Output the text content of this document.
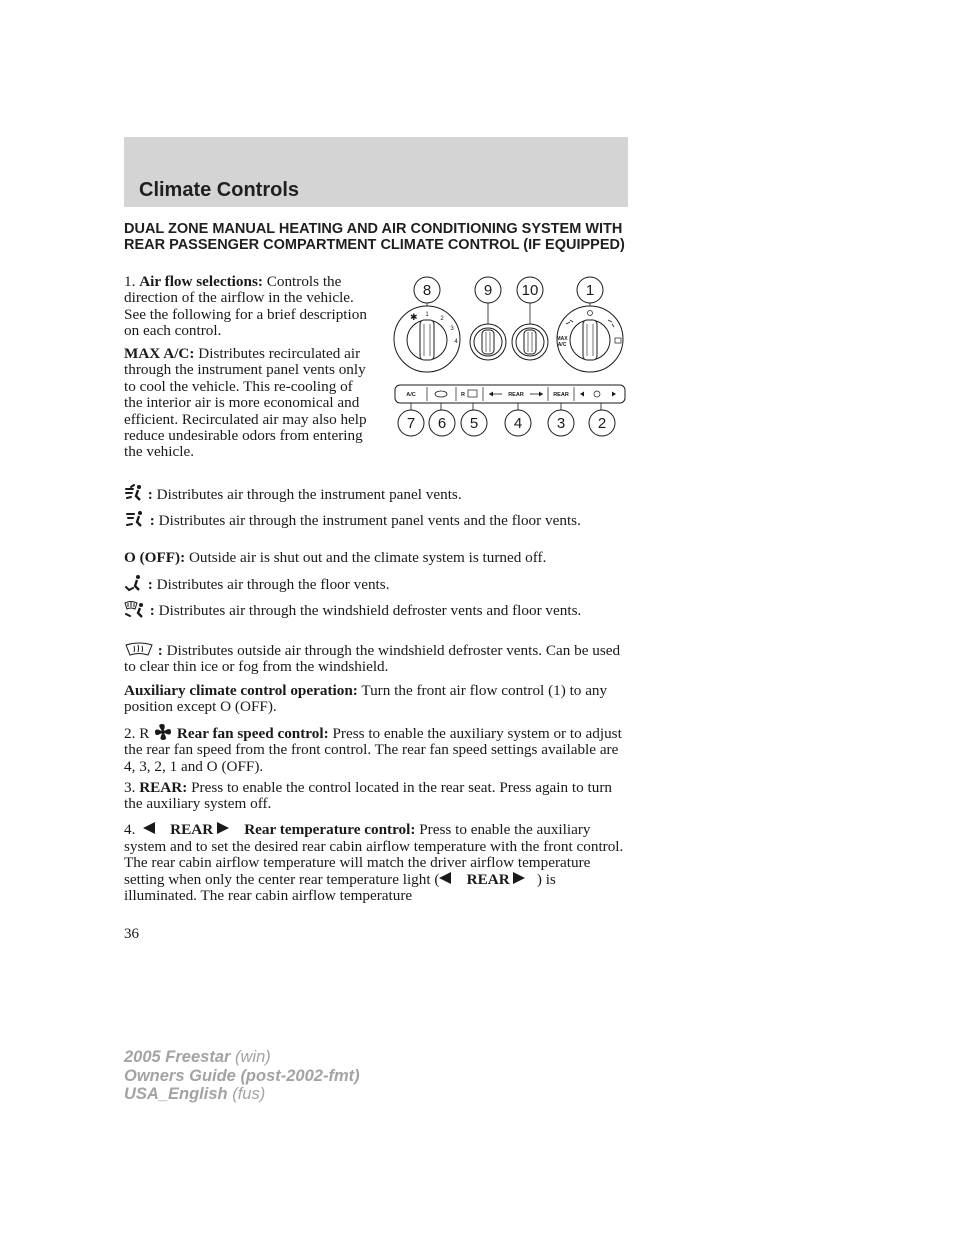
Climate Controls
DUAL ZONE MANUAL HEATING AND AIR CONDITIONING SYSTEM WITH REAR PASSENGER COMPARTMENT CLIMATE CONTROL (IF EQUIPPED)
1. Air flow selections: Controls the direction of the airflow in the vehicle. See the following for a brief description on each control.
MAX A/C: Distributes recirculated air through the instrument panel vents only to cool the vehicle. This re-cooling of the interior air is more economical and efficient. Recirculated air may also help reduce undesirable odors from entering the vehicle.
8	9 10	1
1
2
3
4
✱
MAX
A/C
A/C	REAR	REAR
R
7 6 5 4 3 2
: Distributes air through the instrument panel vents.
: Distributes air through the instrument panel vents and the floor vents.
O (OFF): Outside air is shut out and the climate system is turned off.
: Distributes air through the floor vents.
: Distributes air through the windshield defroster vents and floor vents.
: Distributes outside air through the windshield defroster vents. Can be used to clear thin ice or fog from the windshield.
Auxiliary climate control operation: Turn the front air flow control (1) to any position except O (OFF).
2. R Rear fan speed control: Press to enable the auxiliary system or to adjust the rear fan speed from the front control. The rear fan speed settings available are 4, 3, 2, 1 and O (OFF).
3. REAR: Press to enable the control located in the rear seat. Press again to turn the auxiliary system off.
4. REAR Rear temperature control: Press to enable the auxiliary system and to set the desired rear cabin airflow temperature with the front control. The rear cabin airflow temperature will match the driver airflow temperature setting when only the center rear temperature light ( REAR ) is illuminated. The rear cabin airflow temperature
36
2005 Freestar (win)
Owners Guide (post-2002-fmt)
USA_English (fus)
